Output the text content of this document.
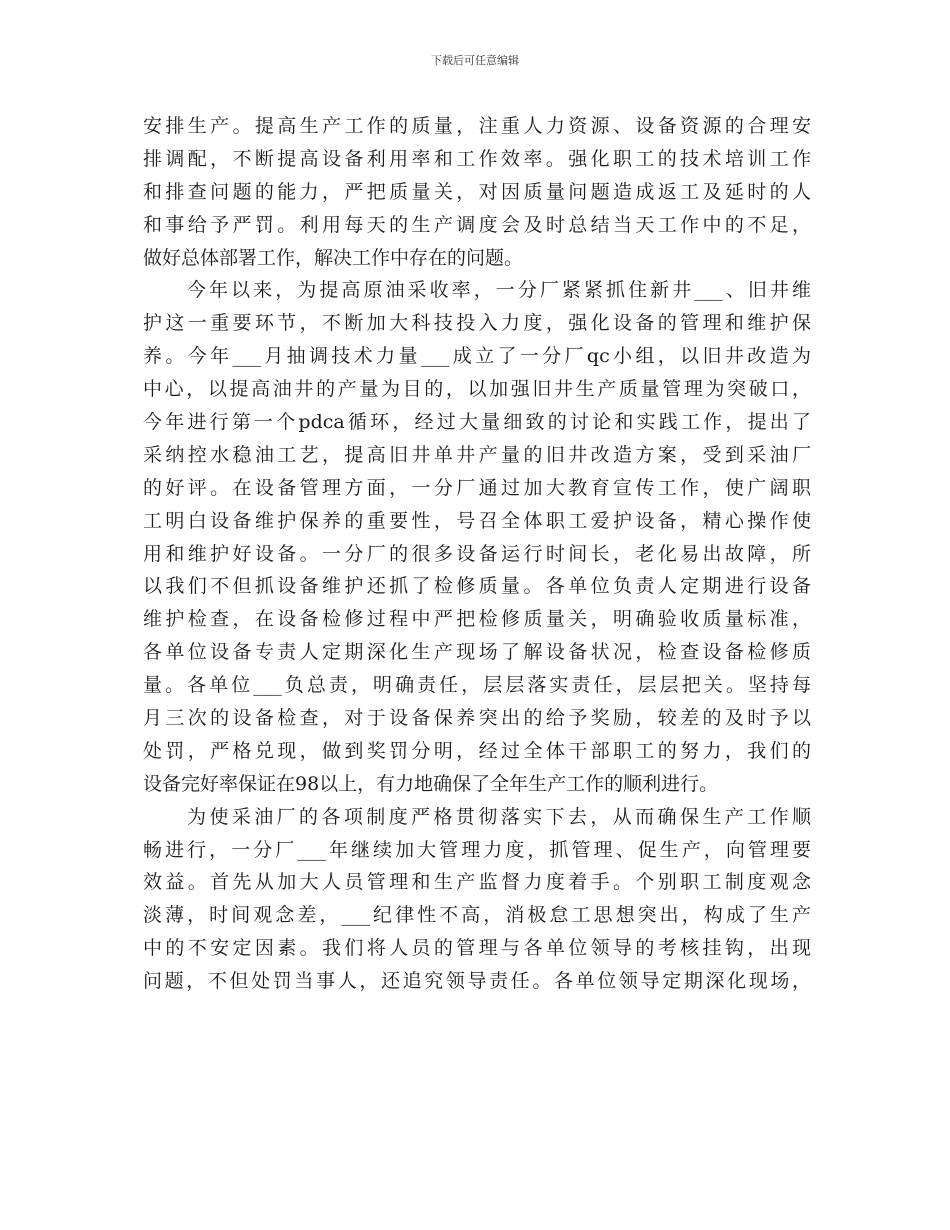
下载后可任意编辑
安排生产。提高生产工作的质量，注重人力资源、设备资源的合理安
排调配，不断提高设备利用率和工作效率。强化职工的技术培训工作
和排查问题的能力，严把质量关，对因质量问题造成返工及延时的人
和事给予严罚。利用每天的生产调度会及时总结当天工作中的不足，
做好总体部署工作，解决工作中存在的问题。
今年以来，为提高原油采收率，一分厂紧紧抓住新井___、旧井维
护这一重要环节，不断加大科技投入力度，强化设备的管理和维护保
养。今年___月抽调技术力量___成立了一分厂qc小组，以旧井改造为
中心，以提高油井的产量为目的，以加强旧井生产质量管理为突破口，
今年进行第一个pdca循环，经过大量细致的讨论和实践工作，提出了
采纳控水稳油工艺，提高旧井单井产量的旧井改造方案，受到采油厂
的好评。在设备管理方面，一分厂通过加大教育宣传工作，使广阔职
工明白设备维护保养的重要性，号召全体职工爱护设备，精心操作使
用和维护好设备。一分厂的很多设备运行时间长，老化易出故障，所
以我们不但抓设备维护还抓了检修质量。各单位负责人定期进行设备
维护检查，在设备检修过程中严把检修质量关，明确验收质量标准，
各单位设备专责人定期深化生产现场了解设备状况，检查设备检修质
量。各单位___负总责，明确责任，层层落实责任，层层把关。坚持每
月三次的设备检查，对于设备保养突出的给予奖励，较差的及时予以
处罚，严格兑现，做到奖罚分明，经过全体干部职工的努力，我们的
设备完好率保证在98以上，有力地确保了全年生产工作的顺利进行。
为使采油厂的各项制度严格贯彻落实下去，从而确保生产工作顺
畅进行，一分厂___年继续加大管理力度，抓管理、促生产，向管理要
效益。首先从加大人员管理和生产监督力度着手。个别职工制度观念
淡薄，时间观念差，___纪律性不高，消极怠工思想突出，构成了生产
中的不安定因素。我们将人员的管理与各单位领导的考核挂钩，出现
问题，不但处罚当事人，还追究领导责任。各单位领导定期深化现场，
